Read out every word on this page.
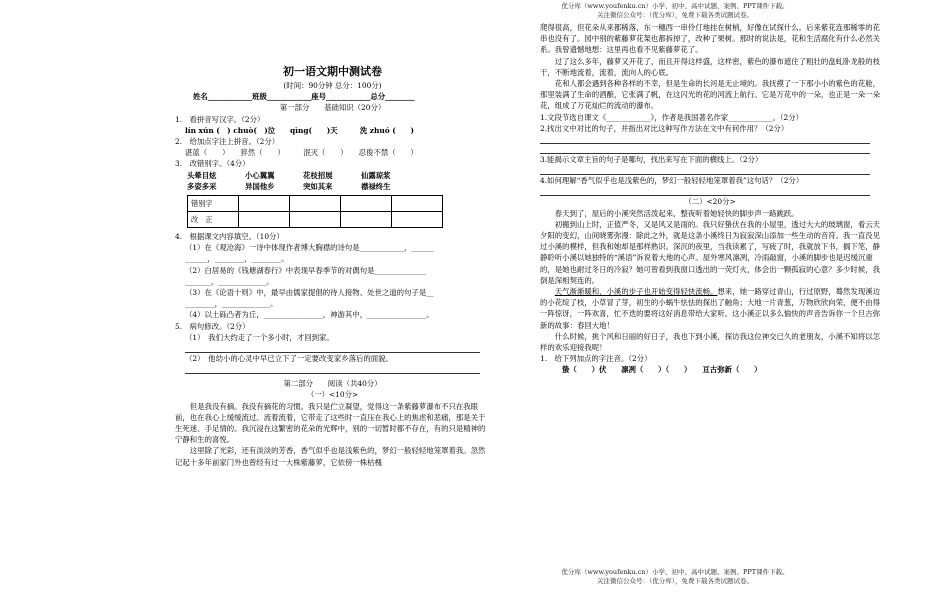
优分库（www.youfenku.cn）小学、初中、高中试题、案例、PPT课件下载。
关注微信公众号：（优分库），免费下载各类试题试卷。
初一语文期中测试卷
(时间：90分钟 总分：100分)
姓名____________班级____________座号____________总分________
第一部分　　基础知识（20分）
1.　看拼音写汉字。（2分）
lín xún (　) chuò(　)泣　　qìng(　　)天　　　洗 zhuó (　　)
2.　给加点字注上拼音。（2分）
湛蓝（　　）　　猝然（　　）　　　泯灭（　　）　　忍俊不禁（　　）
3.　改错别字。（4分）
头晕目炫	小心翼翼	花枝招展	仙露琼浆
多姿多采	异国他乡	突如其来	襟禄终生
错别字				
改　正				
4.　根据课文内容填空。（10分）
（1）在《观沧海》一诗中体现作者博大胸襟的诗句是____________，______
______，________，________。
（2）白居易的《钱塘湖春行》中表现早春季节的对偶句是______________
_______，_____________。
（3）在《论语十则》中，最早由儒家提倡的待人接物、处世之道的句子是__
________，_____________。
（4）以土砾凸者为丘，________________，神游其中，________________。
5.　病句修改。（2分）
（1）　我们大约走了一个多小时，才回到家。
（2）　他幼小的心灵中早已立下了一定要改变家乡落后的面貌。
第二部分　　阅读（共40分）
（一）<10分>
但是我没有摘。我没有摘花的习惯。我只是伫立凝望，觉得这一条紫藤萝瀑布不只在我眼前，也在我心上缓缓流过。流着流着，它带走了这些时一直压在我心上的焦虑和悲痛，那是关于生死迷、手足情的。我沉浸在这繁密的花朵的光辉中，别的一切暂时都不存在，有的只是精神的宁静和生的喜悦。
这里除了光彩，还有淡淡的芳香，香气似乎也是浅紫色的，梦幻一般轻轻地笼罩着我。忽然记起十多年前家门外也曾经有过一大株紫藤萝，它依傍一株枯槐
爬得很高，但花朵从来都稀落，东一穗西一串伶仃地挂在树梢，好像在试探什么。后来紫花连那稀零的花串也没有了。园中别的紫藤萝花架也都拆掉了，改种了果树。那时的说法是，花和生活腐化有什么必然关系。我曾遗憾地想：这里再也看不见紫藤萝花了。
过了这么多年，藤萝又开花了，而且开得这样盛，这样密，紫色的瀑布遮住了粗壮的盘虬卧龙般的枝干，不断地流着，流着，流向人的心底。
花和人都会遇到各种各样的不幸，但是生命的长河是无止境的。我抚摸了一下那小小的紫色的花舱，那里装满了生命的酒酿，它张满了帆，在这闪光的花的河流上航行。它是万花中的一朵，也正是一朵一朵花，组成了万花灿烂的流动的瀑布。
1.文段节选自课文《____________》，作者是我国著名作家____________。（2分）
2.找出文中对比的句子，并指出对比这种写作方法在文中有何作用？（2分）
3.能揭示文章主旨的句子是哪句，找出来写在下面的横线上。（2分）
4.如何理解“香气似乎也是浅紫色的，梦幻一般轻轻地笼罩着我”这句话？（2分）
（二）<20分>
春天到了，屋后的小溪突然活泼起来，整夜听着她轻快的脚步声一路跳跃。
初搬到山上时，正值严冬，又是风又是雨的。我只好蛰伏在我的小屋里，透过大大的玻璃窗，看云天夕阳的变幻，山间晓雾弥漫：除此之外，就是这条小溪终日为寂寂深山添加一些生动的音符。我一直没见过小溪的模样，但我和她却是那样熟识。深沉的夜里，当我读累了，写疲了时，我就放下书，搁下笔，静静聆听小溪以她独特的“溪语”诉说着大地的心声。屋外寒风凛冽，冷雨敲窗，小溪的脚步也是迟缓沉重的，是她也耐过冬日的冷寂？她可曾看到我窗口透出的一荧灯火，体会出一颗孤寂的心意？多少时候，我倒是深相契连的。
天气渐渐暖和，小溪的步子也开始变得轻快流畅。想来，她一路穿过青山，行过原野，蓦然发现溪边的小花绽了枝，小草冒了芽，初生的小蜗牛怯怯的探出了触角；大地一片青葱，万物欣欣向荣，便不由得一阵惊讶，一阵欢喜，忙不迭的要将这好消息带给大家听。这小溪正以多么愉快的声音告诉你一个旦古弥新的故事：春回大地！
什么时候，挑个风和日丽的好日子，我也下到小溪，探访我这位神交已久的老朋友，小溪不知将以怎样的欢乐迎接我呢！
1.　给下列加点的字注音。（2分）
蛰（　　）伏　　凛冽（　　）（　　）　　亘古弥新（　　）
优分库（www.youfenku.cn）小学、初中、高中试题、案例、PPT课件下载。
关注微信公众号：（优分库），免费下载各类试题试卷。
